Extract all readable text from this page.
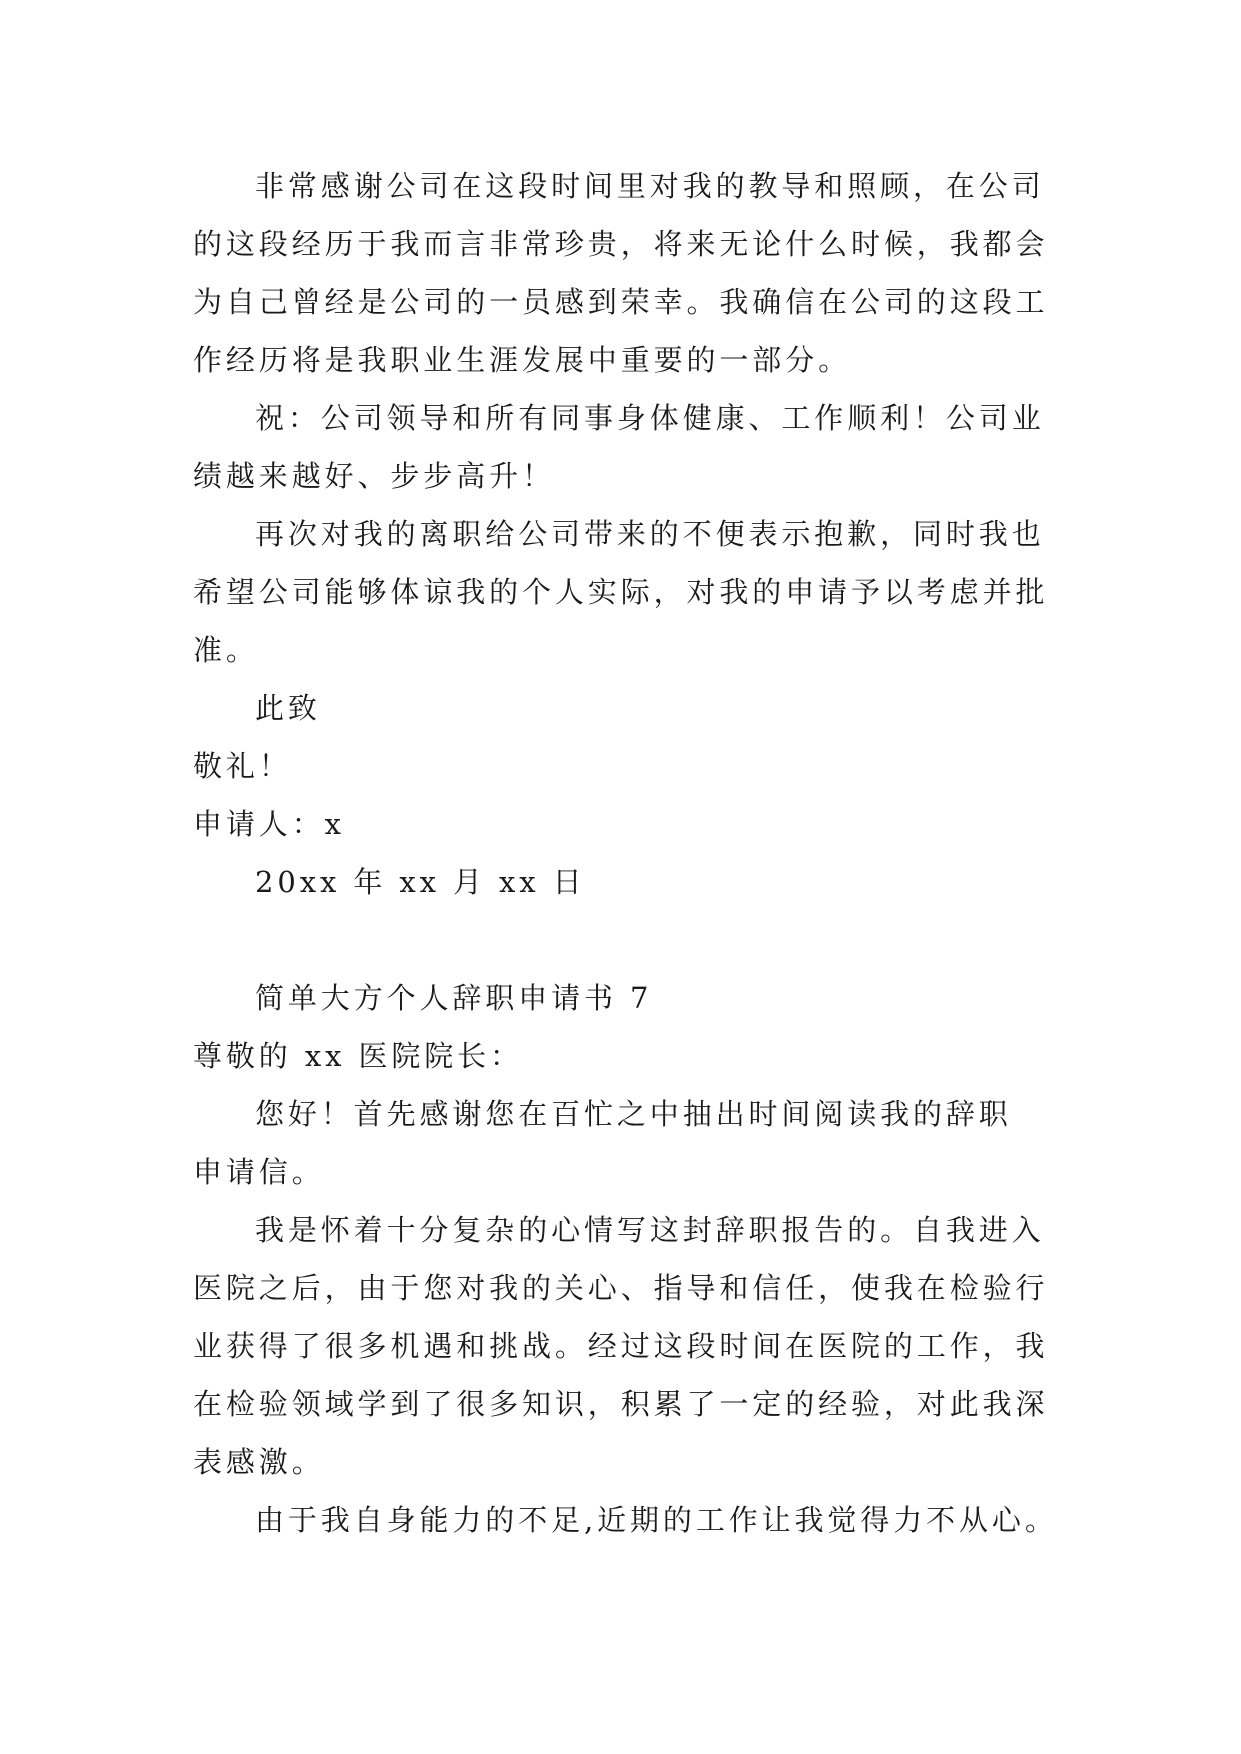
非常感谢公司在这段时间里对我的教导和照顾，在公司
的这段经历于我而言非常珍贵，将来无论什么时候，我都会
为自己曾经是公司的一员感到荣幸。我确信在公司的这段工
作经历将是我职业生涯发展中重要的一部分。
祝：公司领导和所有同事身体健康、工作顺利！公司业
绩越来越好、步步高升！
再次对我的离职给公司带来的不便表示抱歉，同时我也
希望公司能够体谅我的个人实际，对我的申请予以考虑并批
准。
此致
敬礼！
申请人：x
20xx 年 xx 月 xx 日
简单大方个人辞职申请书 7
尊敬的 xx 医院院长：
您好！首先感谢您在百忙之中抽出时间阅读我的辞职
申请信。
我是怀着十分复杂的心情写这封辞职报告的。自我进入
医院之后，由于您对我的关心、指导和信任，使我在检验行
业获得了很多机遇和挑战。经过这段时间在医院的工作，我
在检验领域学到了很多知识，积累了一定的经验，对此我深
表感激。
由于我自身能力的不足,近期的工作让我觉得力不从心。
